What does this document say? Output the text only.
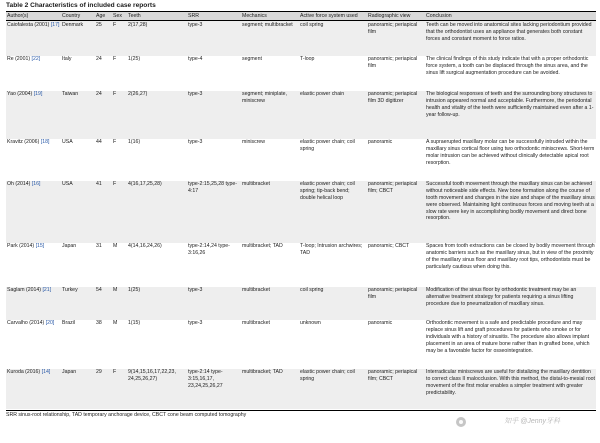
Table 2 Characteristics of included case reports
Author(s)	Country	Age	Sex	Teeth	SRR	Mechanics	Active force system used	Radiographic view	Conclusion
Caiofalesta (2001) [17]	Denmark	25	F	2(17,28)	type-3	segment; multibracket	coil spring	panoramic; periapical film	Teeth can be moved into anatomical sites lacking periodontium provided that the orthodontist uses an appliance that generates both constant forces and constant moment to force ratios.
Re (2001) [22]	Italy	24	F	1(25)	type-4	segment	T-loop	panoramic; periapical film	The clinical findings of this study indicate that with a proper orthodontic force system, a tooth can be displaced through the sinus area, and the sinus lift surgical augmentation procedure can be avoided.
Yao (2004) [19]	Taiwan	24	F	2(26,27)	type-3	segment; miniplate, miniscrew	elastic power chain	panoramic; periapical film 3D digitizer	The biological responses of teeth and the surrounding bony structures to intrusion appeared normal and acceptable. Furthermore, the periodontal health and vitality of the teeth were sufficiently maintained even after a 1-year follow-up.
Kravitz (2006) [18]	USA	44	F	1(16)	type-3	miniscrew	elastic power chain; coil spring	panoramic	A supraerupted maxillary molar can be successfully intruded within the maxillary sinus cortical floor using two orthodontic miniscrews. Short-term molar intrusion can be achieved without clinically detectable apical root resorption.
Oh (2014) [16]	USA	41	F	4(16,17,25,28)	type-2:15,25,28 type-4:17	multibracket	elastic power chain; coil spring; tip-back bend; double helical loop	panoramic; periapical film; CBCT	Successful tooth movement through the maxillary sinus can be achieved without noticeable side effects. New bone formation along the course of tooth movement and changes in the size and shape of the maxillary sinus were observed. Maintaining light continuous forces and moving teeth at a slow rate were key in accomplishing bodily movement and direct bone resorption.
Park (2014) [15]	Japan	31	M	4(14,16,24,26)	type-2:14,24 type-3:16,26	multibracket; TAD	T-loop; Intrusion archwires; TAD	panoramic; CBCT	Spaces from tooth extractions can be closed by bodily movement through anatomic barriers such as the maxillary sinus, but in view of the proximity of the maxillary sinus floor and maxillary root tips, orthodontists must be particularly cautious when doing this.
Saglam (2014) [21]	Turkey	54	M	1(25)	type-3	multibracket	coil spring	panoramic; periapical film	Modification of the sinus floor by orthodontic treatment may be an alternative treatment strategy for patients requiring a sinus lifting procedure due to pneumatization of maxillary sinus.
Carvalho (2014) [20]	Brazil	38	M	1(15)	type-3	multibracket	unknown	panoramic	Orthodontic movement is a safe and predictable procedure and may replace sinus lift and graft procedures for patients who smoke or for individuals with a history of sinusitis. The procedure also allows implant placement in an area of mature bone rather than in grafted bone, which may be a favorable factor for osseointegration.
Kuroda (2016) [14]	Japan	29	F	9(14,15,16,17,22,23, 24,25,26,27)	type-2:14 type-3:15,16,17, 23,24,25,26,27	multibracket; TAD	elastic power chain; coil spring	panoramic; periapical film; CBCT	Interradicular miniscrews are useful for distalizing the maxillary dentition to correct class II malocclusion. With this method, the distal-to-mesial root movement of the first molar enables a simpler treatment with greater predictability.
SRR sinus-root relationship, TAD temporary anchorage device, CBCT cone beam computed tomography
知乎 @Jenny牙科
